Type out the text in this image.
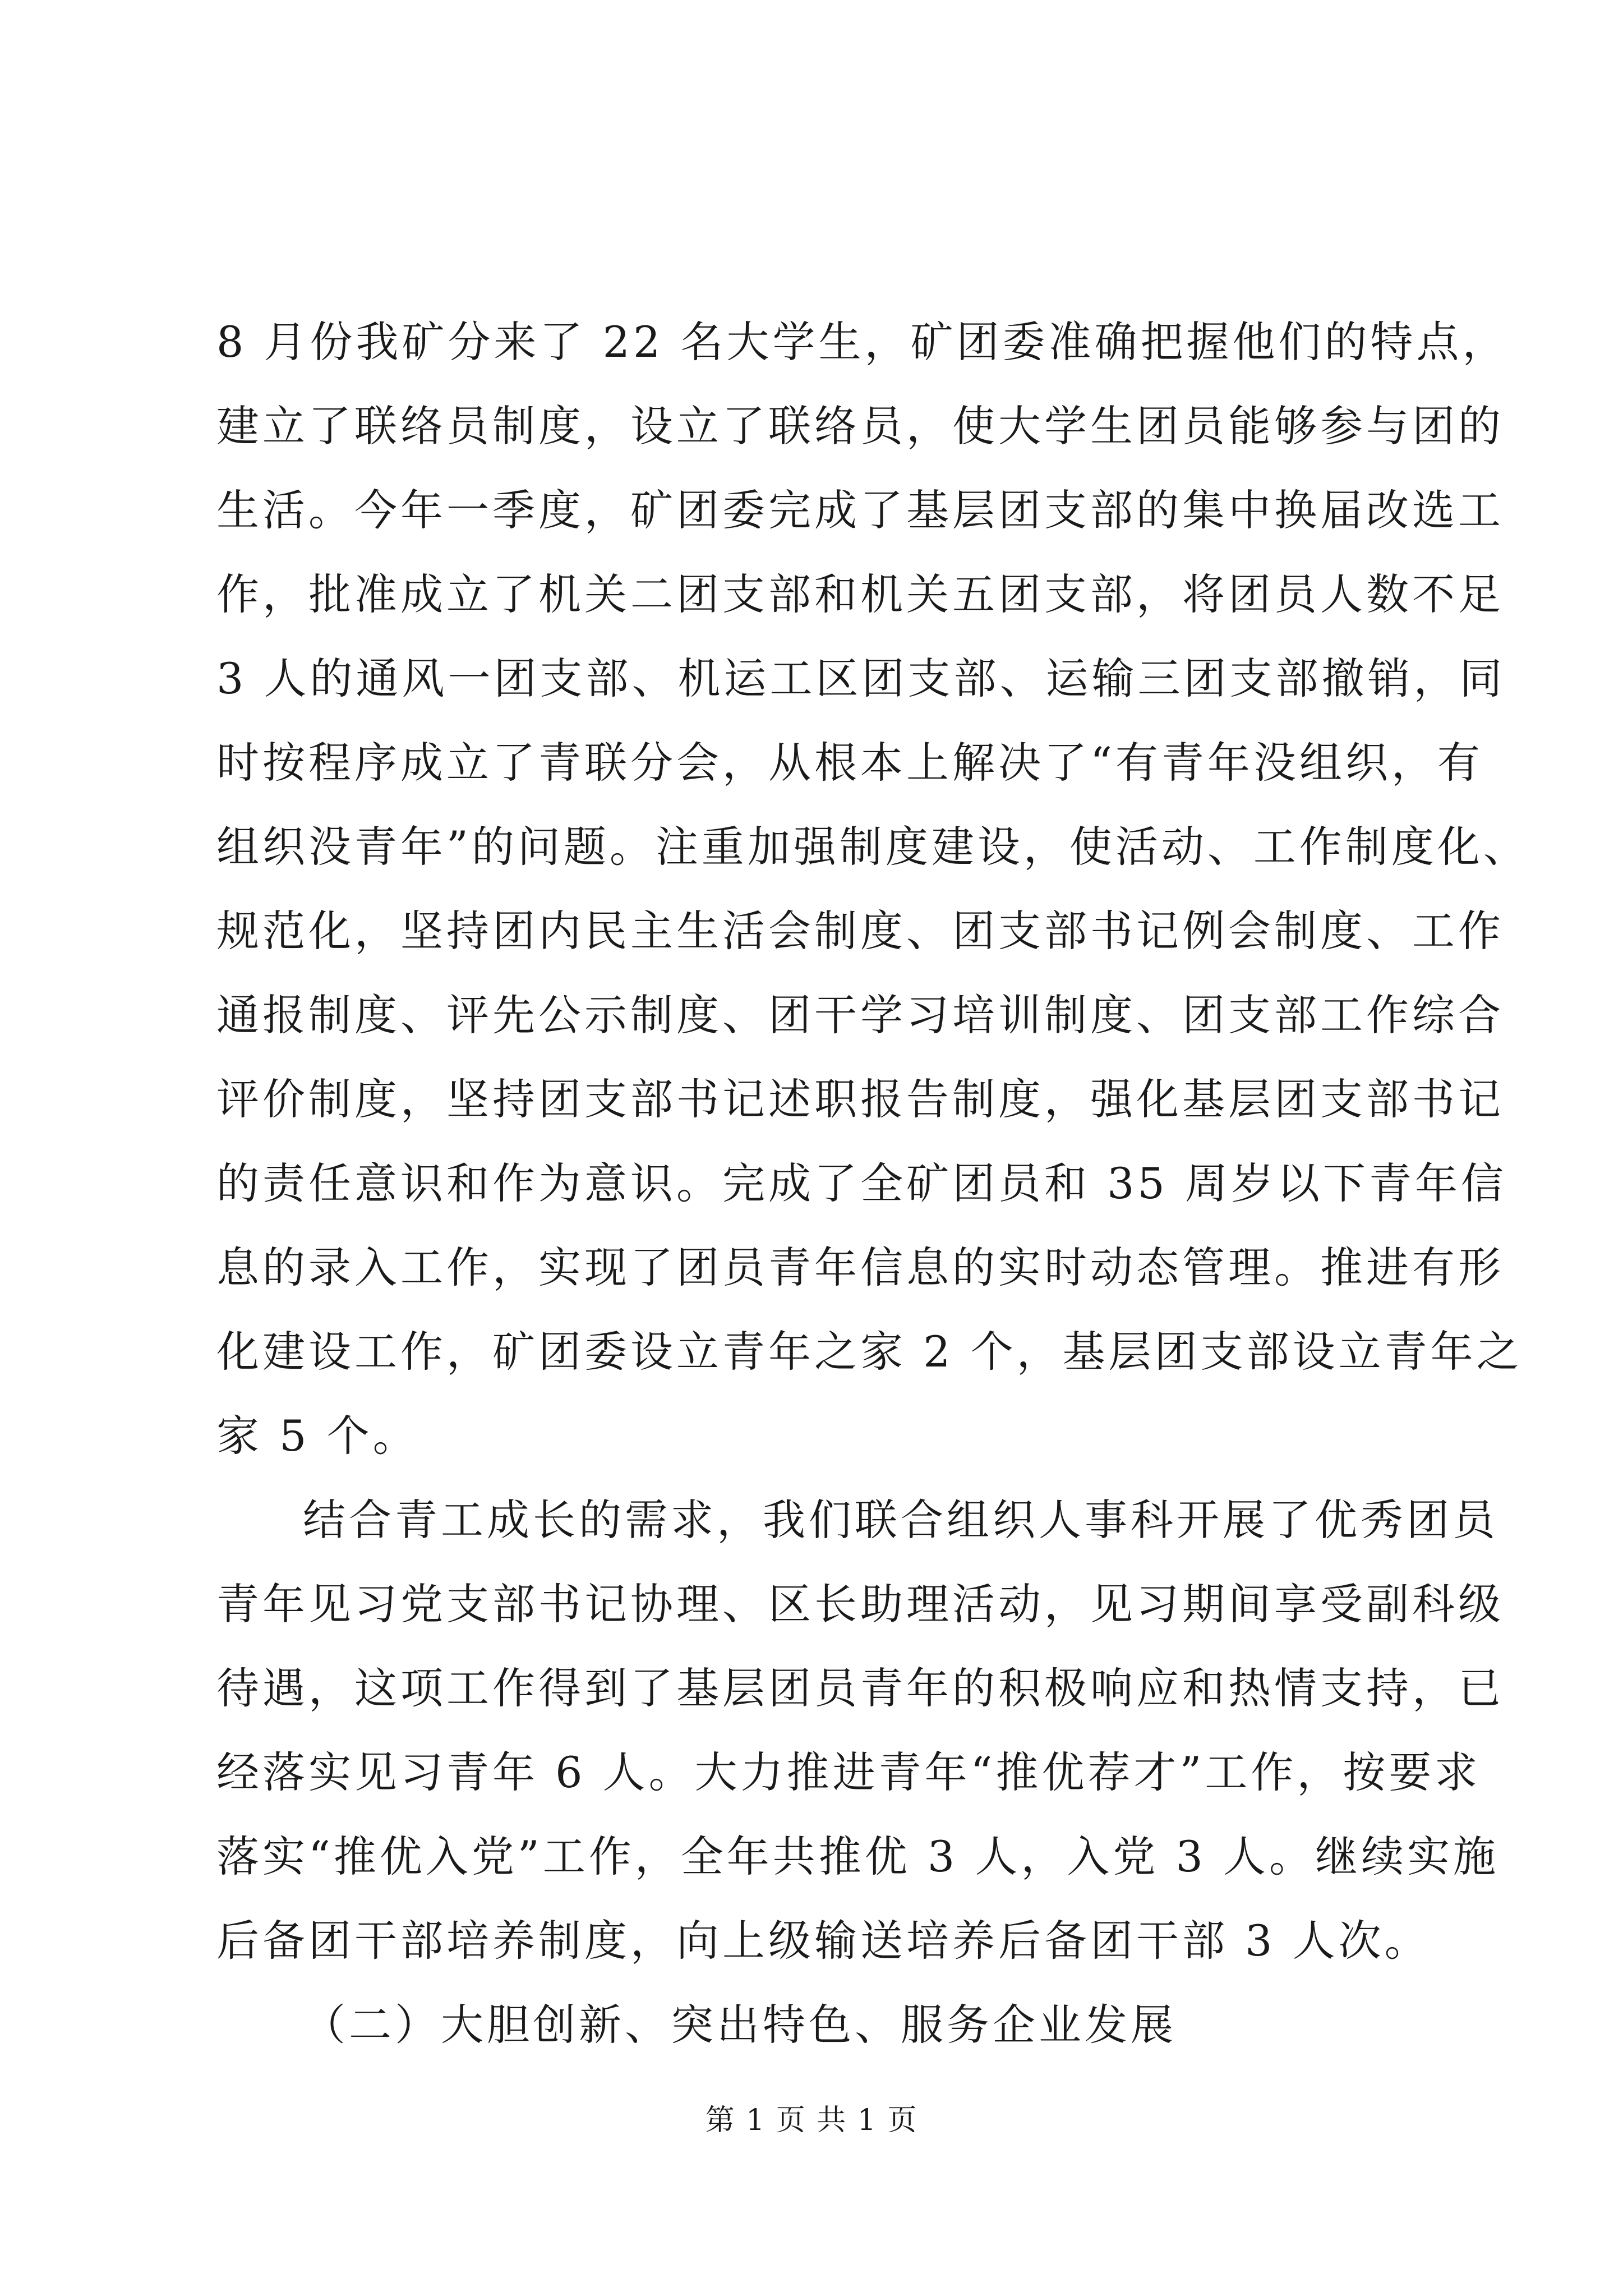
8 月份我矿分来了 22 名大学生，矿团委准确把握他们的特点，
建立了联络员制度，设立了联络员，使大学生团员能够参与团的
生活。今年一季度，矿团委完成了基层团支部的集中换届改选工
作，批准成立了机关二团支部和机关五团支部，将团员人数不足
3 人的通风一团支部、机运工区团支部、运输三团支部撤销，同
时按程序成立了青联分会，从根本上解决了“有青年没组织，有
组织没青年”的问题。注重加强制度建设，使活动、工作制度化、
规范化，坚持团内民主生活会制度、团支部书记例会制度、工作
通报制度、评先公示制度、团干学习培训制度、团支部工作综合
评价制度，坚持团支部书记述职报告制度，强化基层团支部书记
的责任意识和作为意识。完成了全矿团员和 35 周岁以下青年信
息的录入工作，实现了团员青年信息的实时动态管理。推进有形
化建设工作，矿团委设立青年之家 2 个，基层团支部设立青年之
家 5 个。
结合青工成长的需求，我们联合组织人事科开展了优秀团员
青年见习党支部书记协理、区长助理活动，见习期间享受副科级
待遇，这项工作得到了基层团员青年的积极响应和热情支持，已
经落实见习青年 6 人。大力推进青年“推优荐才”工作，按要求
落实“推优入党”工作，全年共推优 3 人，入党 3 人。继续实施
后备团干部培养制度，向上级输送培养后备团干部 3 人次。
（二）大胆创新、突出特色、服务企业发展
第 1 页 共 1 页
